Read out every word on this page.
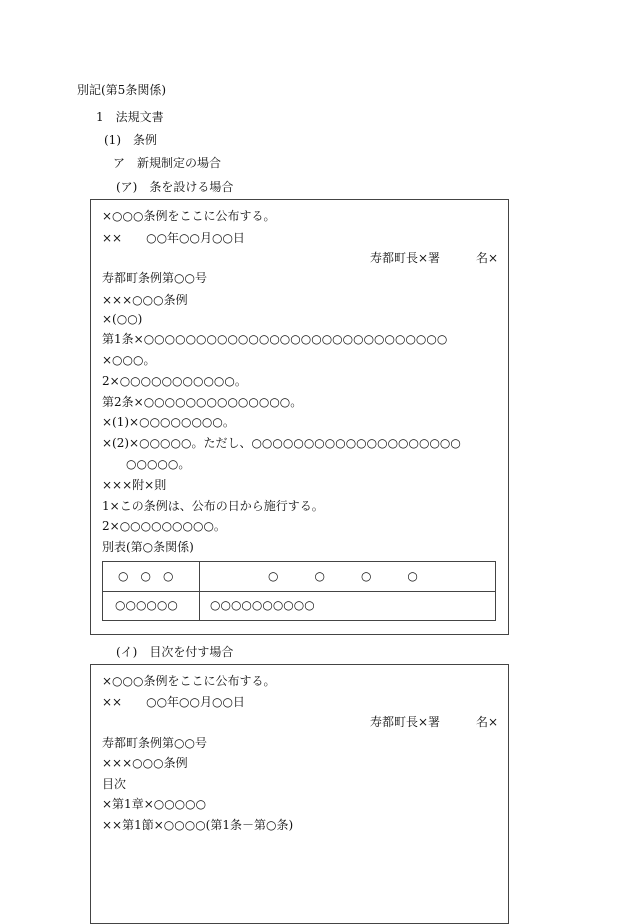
別記(第5条関係)
1　法規文書
(1)　条例
ア　新規制定の場合
(ア)　条を設ける場合
×○○○条例をここに公布する。
××　　○○年○○月○○日
寿都町長×署　　　名×
寿都町条例第○○号
×××○○○条例
×(○○)
第1条×○○○○○○○○○○○○○○○○○○○○○○○○○○○○○
×○○○。
2×○○○○○○○○○○○。
第2条×○○○○○○○○○○○○○○。
×(1)×○○○○○○○○。
×(2)×○○○○○。ただし、○○○○○○○○○○○○○○○○○○○○
○○○○○。
×××附×則
1×この条例は、公布の日から施行する。
2×○○○○○○○○○。
別表(第○条関係)
○　○　○	○　　　○　　　○　　　○
○○○○○○	○○○○○○○○○○
(イ)　目次を付す場合
×○○○条例をここに公布する。
××　　○○年○○月○○日
寿都町長×署　　　名×
寿都町条例第○○号
×××○○○条例
目次
×第1章×○○○○○
××第1節×○○○○(第1条－第○条)
